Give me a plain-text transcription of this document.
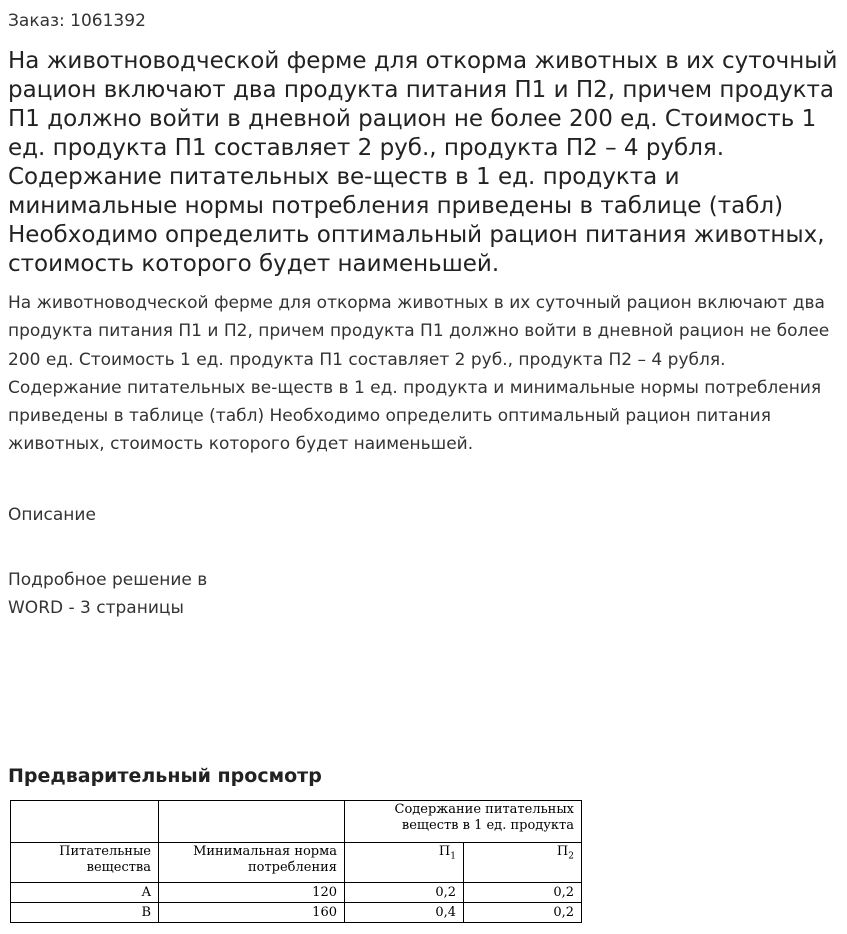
Заказ: 1061392
На животноводческой ферме для откорма животных в их суточный рацион включают два продукта питания П1 и П2, причем продукта П1 должно войти в дневной рацион не более 200 ед. Стоимость 1 ед. продукта П1 составляет 2 руб., продукта П2 – 4 рубля. Содержание питательных ве-ществ в 1 ед. продукта и минимальные нормы потребления приведены в таблице (табл) Необходимо определить оптимальный рацион питания животных, стоимость которого будет наименьшей.

На животноводческой ферме для откорма животных в их суточный рацион включают два продукта питания П1 и П2, причем продукта П1 должно войти в дневной рацион не более 200 ед. Стоимость 1 ед. продукта П1 составляет 2 руб., продукта П2 – 4 рубля. Содержание питательных ве-ществ в 1 ед. продукта и минимальные нормы потребления приведены в таблице (табл) Необходимо определить оптимальный рацион питания животных, стоимость которого будет наименьшей.

Описание
Подробное решение в
WORD - 3 страницы
Предварительный просмотр
		Содержание питательных веществ в 1 ед. продукта	
Питательные вещества	Минимальная норма потребления	$П_1$	$П_2$
A	120	0,2	0,2
B	160	0,4	0,2
